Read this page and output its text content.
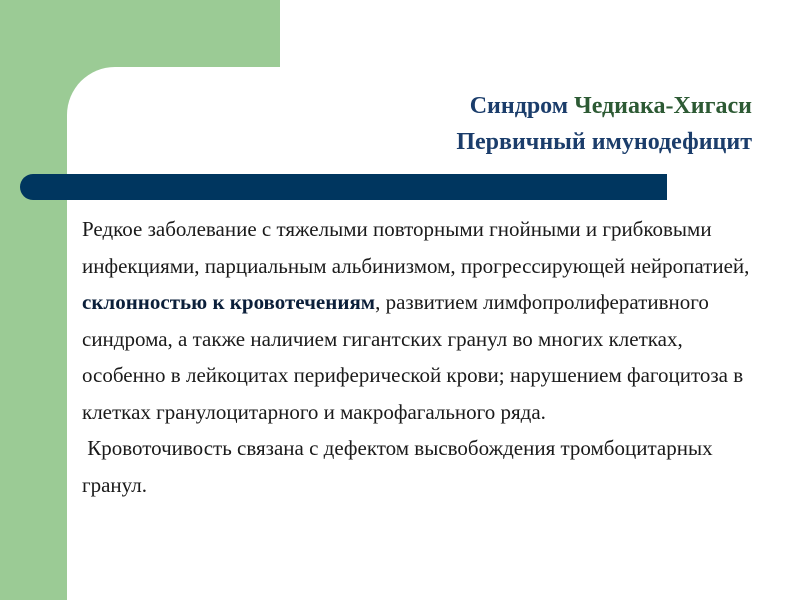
Синдром Чедиака-Хигаси
Первичный имунодефицит

Редкое заболевание с тяжелыми повторными гнойными и грибковыми инфекциями, парциальным альбинизмом, прогрессирующей нейропатией, склонностью к кровотечениям, развитием лимфопролиферативного синдрома, а также наличием гигантских гранул во многих клетках, особенно в лейкоцитах периферической крови; нарушением фагоцитоза в клетках гранулоцитарного и макрофагального ряда.

Кровоточивость связана с дефектом высвобождения тромбоцитарных гранул.
